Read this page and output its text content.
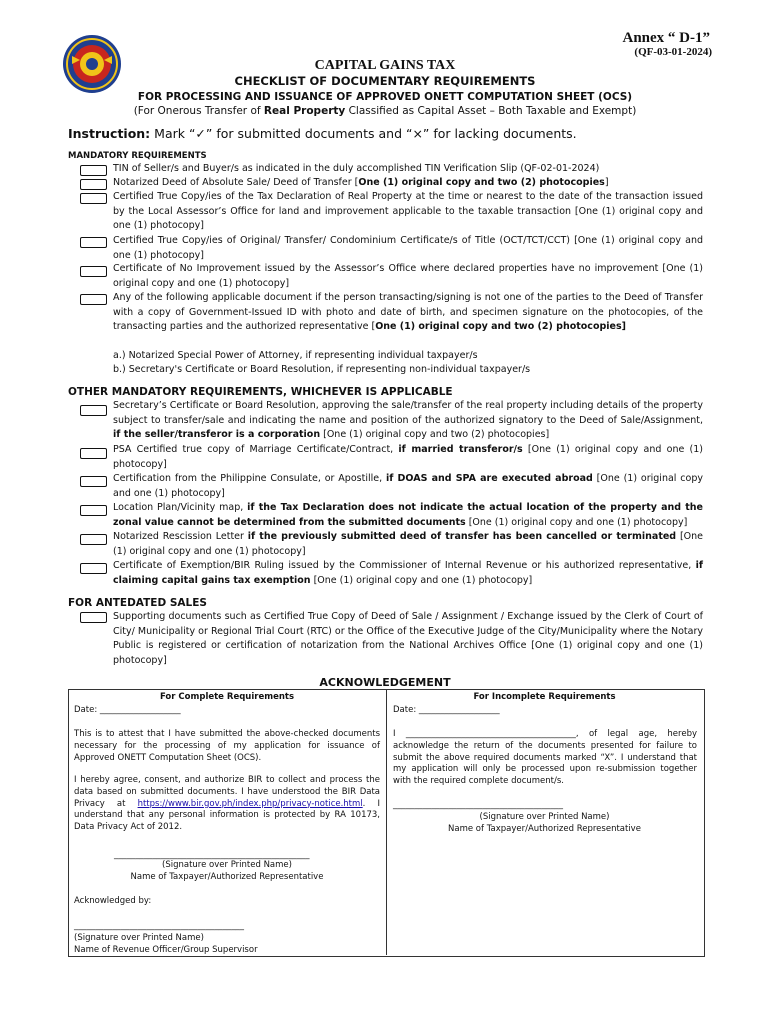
Annex “ D-1”
(QF-03-01-2024)
CAPITAL GAINS TAX
CHECKLIST OF DOCUMENTARY REQUIREMENTS
FOR PROCESSING AND ISSUANCE OF APPROVED ONETT COMPUTATION SHEET (OCS)
(For Onerous Transfer of Real Property Classified as Capital Asset – Both Taxable and Exempt)
Instruction: Mark “✓” for submitted documents and “×” for lacking documents.
MANDATORY REQUIREMENTS
TIN of Seller/s and Buyer/s as indicated in the duly accomplished TIN Verification Slip (QF-02-01-2024)
Notarized Deed of Absolute Sale/ Deed of Transfer [One (1) original copy and two (2) photocopies]
Certified True Copy/ies of the Tax Declaration of Real Property at the time or nearest to the date of the transaction issued by the Local Assessor’s Office for land and improvement applicable to the taxable transaction [One (1) original copy and one (1) photocopy]
Certified True Copy/ies of Original/ Transfer/ Condominium Certificate/s of Title (OCT/TCT/CCT) [One (1) original copy and one (1) photocopy]
Certificate of No Improvement issued by the Assessor’s Office where declared properties have no improvement [One (1) original copy and one (1) photocopy]
Any of the following applicable document if the person transacting/signing is not one of the parties to the Deed of Transfer with a copy of Government-Issued ID with photo and date of birth, and specimen signature on the photocopies, of the transacting parties and the authorized representative [One (1) original copy and two (2) photocopies]
a.) Notarized Special Power of Attorney, if representing individual taxpayer/s
b.) Secretary's Certificate or Board Resolution, if representing non-individual taxpayer/s
OTHER MANDATORY REQUIREMENTS, WHICHEVER IS APPLICABLE
Secretary’s Certificate or Board Resolution, approving the sale/transfer of the real property including details of the property subject to transfer/sale and indicating the name and position of the authorized signatory to the Deed of Sale/Assignment, if the seller/transferor is a corporation [One (1) original copy and two (2) photocopies]
PSA Certified true copy of Marriage Certificate/Contract, if married transferor/s [One (1) original copy and one (1) photocopy]
Certification from the Philippine Consulate, or Apostille, if DOAS and SPA are executed abroad [One (1) original copy and one (1) photocopy]
Location Plan/Vicinity map, if the Tax Declaration does not indicate the actual location of the property and the zonal value cannot be determined from the submitted documents [One (1) original copy and one (1) photocopy]
Notarized Rescission Letter if the previously submitted deed of transfer has been cancelled or terminated [One (1) original copy and one (1) photocopy]
Certificate of Exemption/BIR Ruling issued by the Commissioner of Internal Revenue or his authorized representative, if claiming capital gains tax exemption [One (1) original copy and one (1) photocopy]
FOR ANTEDATED SALES
Supporting documents such as Certified True Copy of Deed of Sale / Assignment / Exchange issued by the Clerk of Court of City/ Municipality or Regional Trial Court (RTC) or the Office of the Executive Judge of the City/Municipality where the Notary Public is registered or certification of notarization from the National Archives Office [One (1) original copy and one (1) photocopy]
ACKNOWLEDGEMENT
For Complete Requirements
Date: ___________________
This is to attest that I have submitted the above-checked documents necessary for the processing of my application for issuance of Approved ONETT Computation Sheet (OCS).
I hereby agree, consent, and authorize BIR to collect and process the data based on submitted documents. I have understood the BIR Data Privacy at https://www.bir.gov.ph/index.php/privacy-notice.html. I understand that any personal information is protected by RA 10173, Data Privacy Act of 2012.
______________________________________________
(Signature over Printed Name)
Name of Taxpayer/Authorized Representative
Acknowledged by:
________________________________________
(Signature over Printed Name)
Name of Revenue Officer/Group Supervisor
For Incomplete Requirements
Date: ___________________
I ________________________________________, of legal age, hereby acknowledge the return of the documents presented for failure to submit the above required documents marked “X”. I understand that my application will only be processed upon re-submission together with the required complete document/s.
________________________________________
(Signature over Printed Name)
Name of Taxpayer/Authorized Representative
